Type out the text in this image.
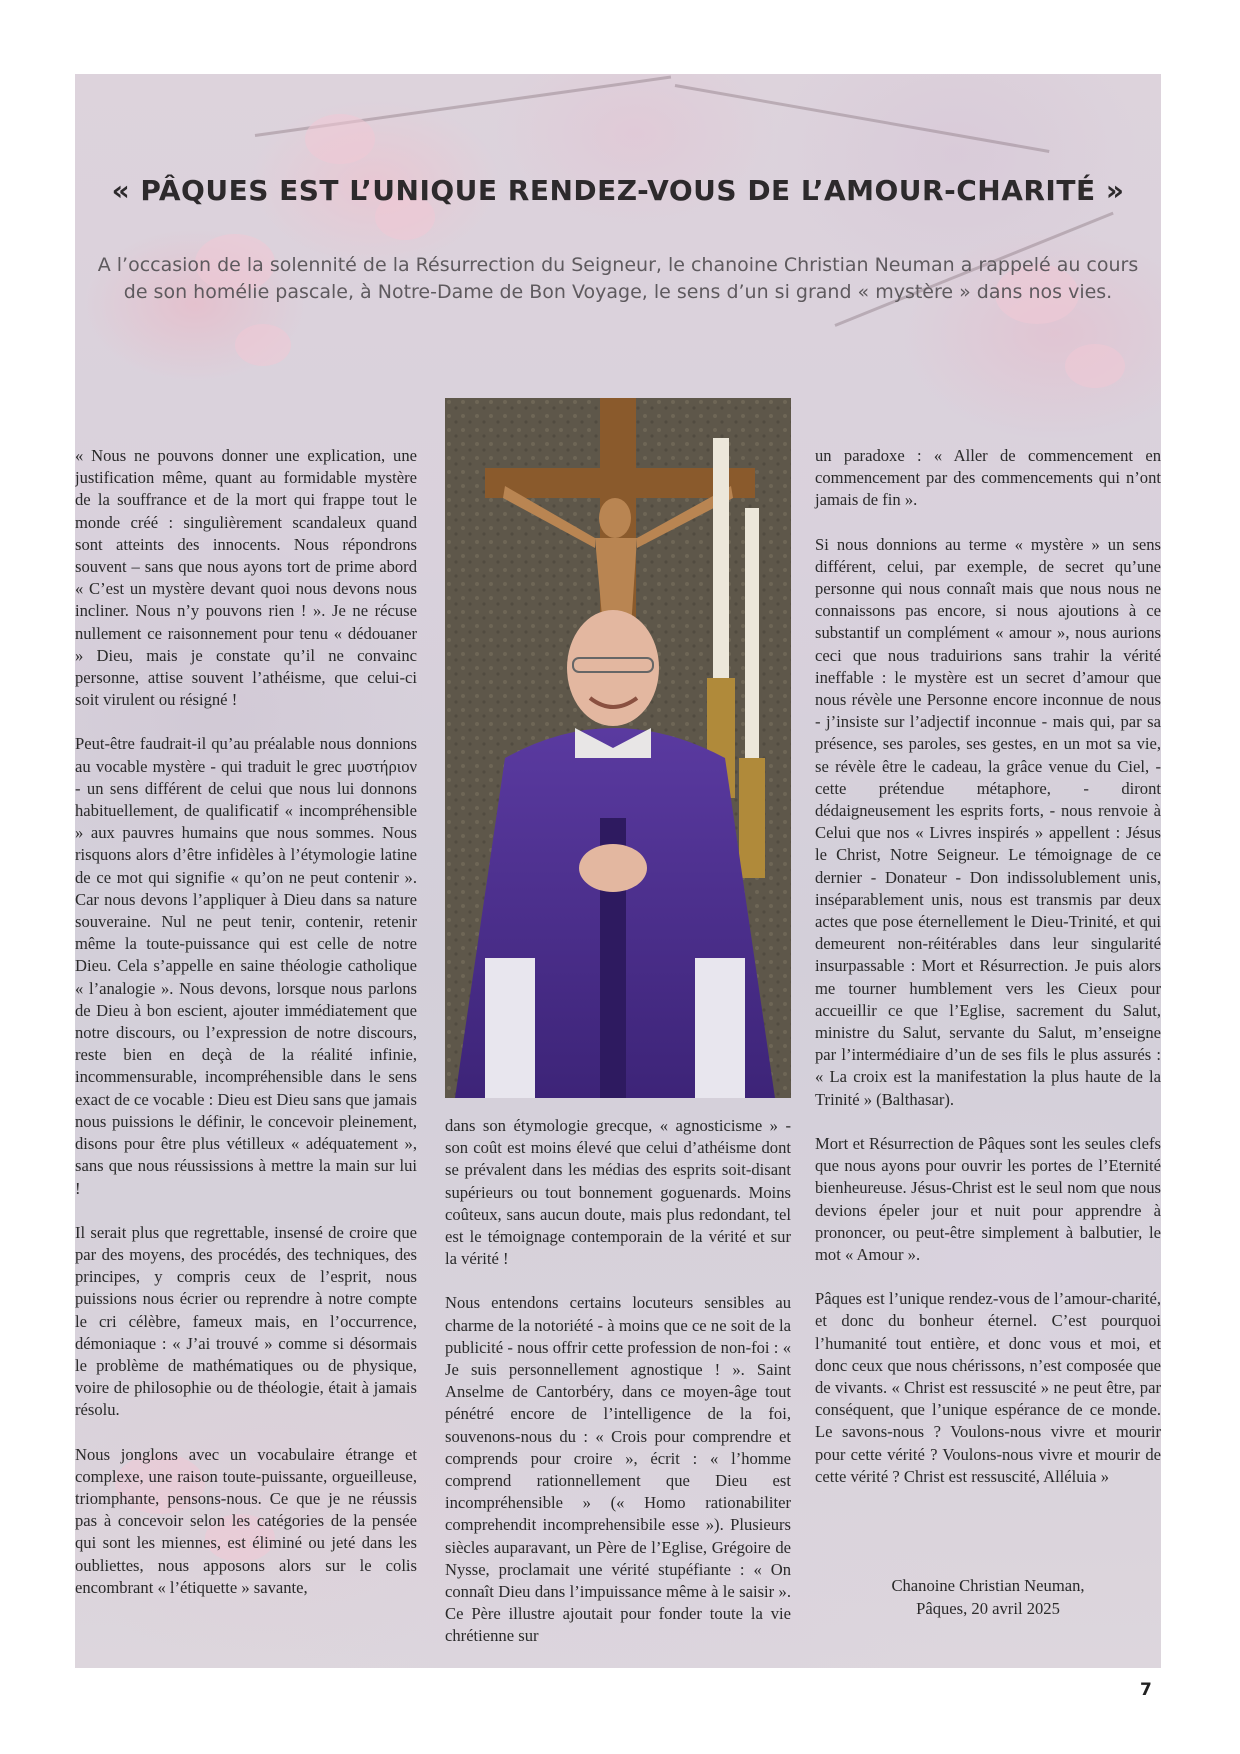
« PÂQUES EST L’UNIQUE RENDEZ-VOUS DE L’AMOUR-CHARITÉ »

A l’occasion de la solennité de la Résurrection du Seigneur, le chanoine Christian Neuman a rappelé au cours
de son homélie pascale, à Notre-Dame de Bon Voyage, le sens d’un si grand « mystère » dans nos vies.

« Nous ne pouvons donner une explication, une justification même, quant au formidable mystère de la souffrance et de la mort qui frappe tout le monde créé : singulièrement scandaleux quand sont atteints des innocents. Nous répondrons souvent – sans que nous ayons tort de prime abord « C’est un mystère devant quoi nous devons nous incliner. Nous n’y pouvons rien ! ». Je ne récuse nullement ce raisonnement pour tenu « dédouaner » Dieu, mais je constate qu’il ne convainc personne, attise souvent l’athéisme, que celui-ci soit virulent ou résigné !

Peut-être faudrait-il qu’au préalable nous donnions au vocable mystère - qui traduit le grec μυστήριον - un sens différent de celui que nous lui donnons habituellement, de qualificatif « incompréhensible » aux pauvres humains que nous sommes. Nous risquons alors d’être infidèles à l’étymologie latine de ce mot qui signifie « qu’on ne peut contenir ». Car nous devons l’appliquer à Dieu dans sa nature souveraine. Nul ne peut tenir, contenir, retenir même la toute-puissance qui est celle de notre Dieu. Cela s’appelle en saine théologie catholique « l’analogie ». Nous devons, lorsque nous parlons de Dieu à bon escient, ajouter immédiatement que notre discours, ou l’expression de notre discours, reste bien en deçà de la réalité infinie, incommensurable, incompréhensible dans le sens exact de ce vocable : Dieu est Dieu sans que jamais nous puissions le définir, le concevoir pleinement, disons pour être plus vétilleux « adéquatement », sans que nous réussissions à mettre la main sur lui !

Il serait plus que regrettable, insensé de croire que par des moyens, des procédés, des techniques, des principes, y compris ceux de l’esprit, nous puissions nous écrier ou reprendre à notre compte le cri célèbre, fameux mais, en l’occurrence, démoniaque : « J’ai trouvé » comme si désormais le problème de mathématiques ou de physique, voire de philosophie ou de théologie, était à jamais résolu.

Nous jonglons avec un vocabulaire étrange et complexe, une raison toute-puissante, orgueilleuse, triomphante, pensons-nous. Ce que je ne réussis pas à concevoir selon les catégories de la pensée qui sont les miennes, est éliminé ou jeté dans les oubliettes, nous apposons alors sur le colis encombrant « l’étiquette » savante,

dans son étymologie grecque, « agnosticisme » - son coût est moins élevé que celui d’athéisme dont se prévalent dans les médias des esprits soit-disant supérieurs ou tout bonnement goguenards. Moins coûteux, sans aucun doute, mais plus redondant, tel est le témoignage contemporain de la vérité et sur la vérité !

Nous entendons certains locuteurs sensibles au charme de la notoriété - à moins que ce ne soit de la publicité - nous offrir cette profession de non-foi : « Je suis personnellement agnostique ! ». Saint Anselme de Cantorbéry, dans ce moyen-âge tout pénétré encore de l’intelligence de la foi, souvenons-nous du : « Crois pour comprendre et comprends pour croire », écrit : « l’homme comprend rationnellement que Dieu est incompréhensible » (« Homo rationabiliter comprehendit incomprehensibile esse »). Plusieurs siècles auparavant, un Père de l’Eglise, Grégoire de Nysse, proclamait une vérité stupéfiante : « On connaît Dieu dans l’impuissance même à le saisir ». Ce Père illustre ajoutait pour fonder toute la vie chrétienne sur

un paradoxe : « Aller de commencement en commencement par des commencements qui n’ont jamais de fin ».

Si nous donnions au terme « mystère » un sens différent, celui, par exemple, de secret qu’une personne qui nous connaît mais que nous nous ne connaissons pas encore, si nous ajoutions à ce substantif un complément « amour », nous aurions ceci que nous traduirions sans trahir la vérité ineffable : le mystère est un secret d’amour que nous révèle une Personne encore inconnue de nous - j’insiste sur l’adjectif inconnue - mais qui, par sa présence, ses paroles, ses gestes, en un mot sa vie, se révèle être le cadeau, la grâce venue du Ciel, - cette prétendue métaphore, - diront dédaigneusement les esprits forts, - nous renvoie à Celui que nos « Livres inspirés » appellent : Jésus le Christ, Notre Seigneur. Le témoignage de ce dernier - Donateur - Don indissolublement unis, inséparablement unis, nous est transmis par deux actes que pose éternellement le Dieu-Trinité, et qui demeurent non-réitérables dans leur singularité insurpassable : Mort et Résurrection. Je puis alors me tourner humblement vers les Cieux pour accueillir ce que l’Eglise, sacrement du Salut, ministre du Salut, servante du Salut, m’enseigne par l’intermédiaire d’un de ses fils le plus assurés : « La croix est la manifestation la plus haute de la Trinité » (Balthasar).

Mort et Résurrection de Pâques sont les seules clefs que nous ayons pour ouvrir les portes de l’Eternité bienheureuse. Jésus-Christ est le seul nom que nous devions épeler jour et nuit pour apprendre à prononcer, ou peut-être simplement à balbutier, le mot « Amour ».

Pâques est l’unique rendez-vous de l’amour-charité, et donc du bonheur éternel. C’est pourquoi l’humanité tout entière, et donc vous et moi, et donc ceux que nous chérissons, n’est composée que de vivants. « Christ est ressuscité » ne peut être, par conséquent, que l’unique espérance de ce monde. Le savons-nous ? Voulons-nous vivre et mourir pour cette vérité ? Voulons-nous vivre et mourir de cette vérité ? Christ est ressuscité, Alléluia »

Chanoine Christian Neuman,
Pâques, 20 avril 2025

7
